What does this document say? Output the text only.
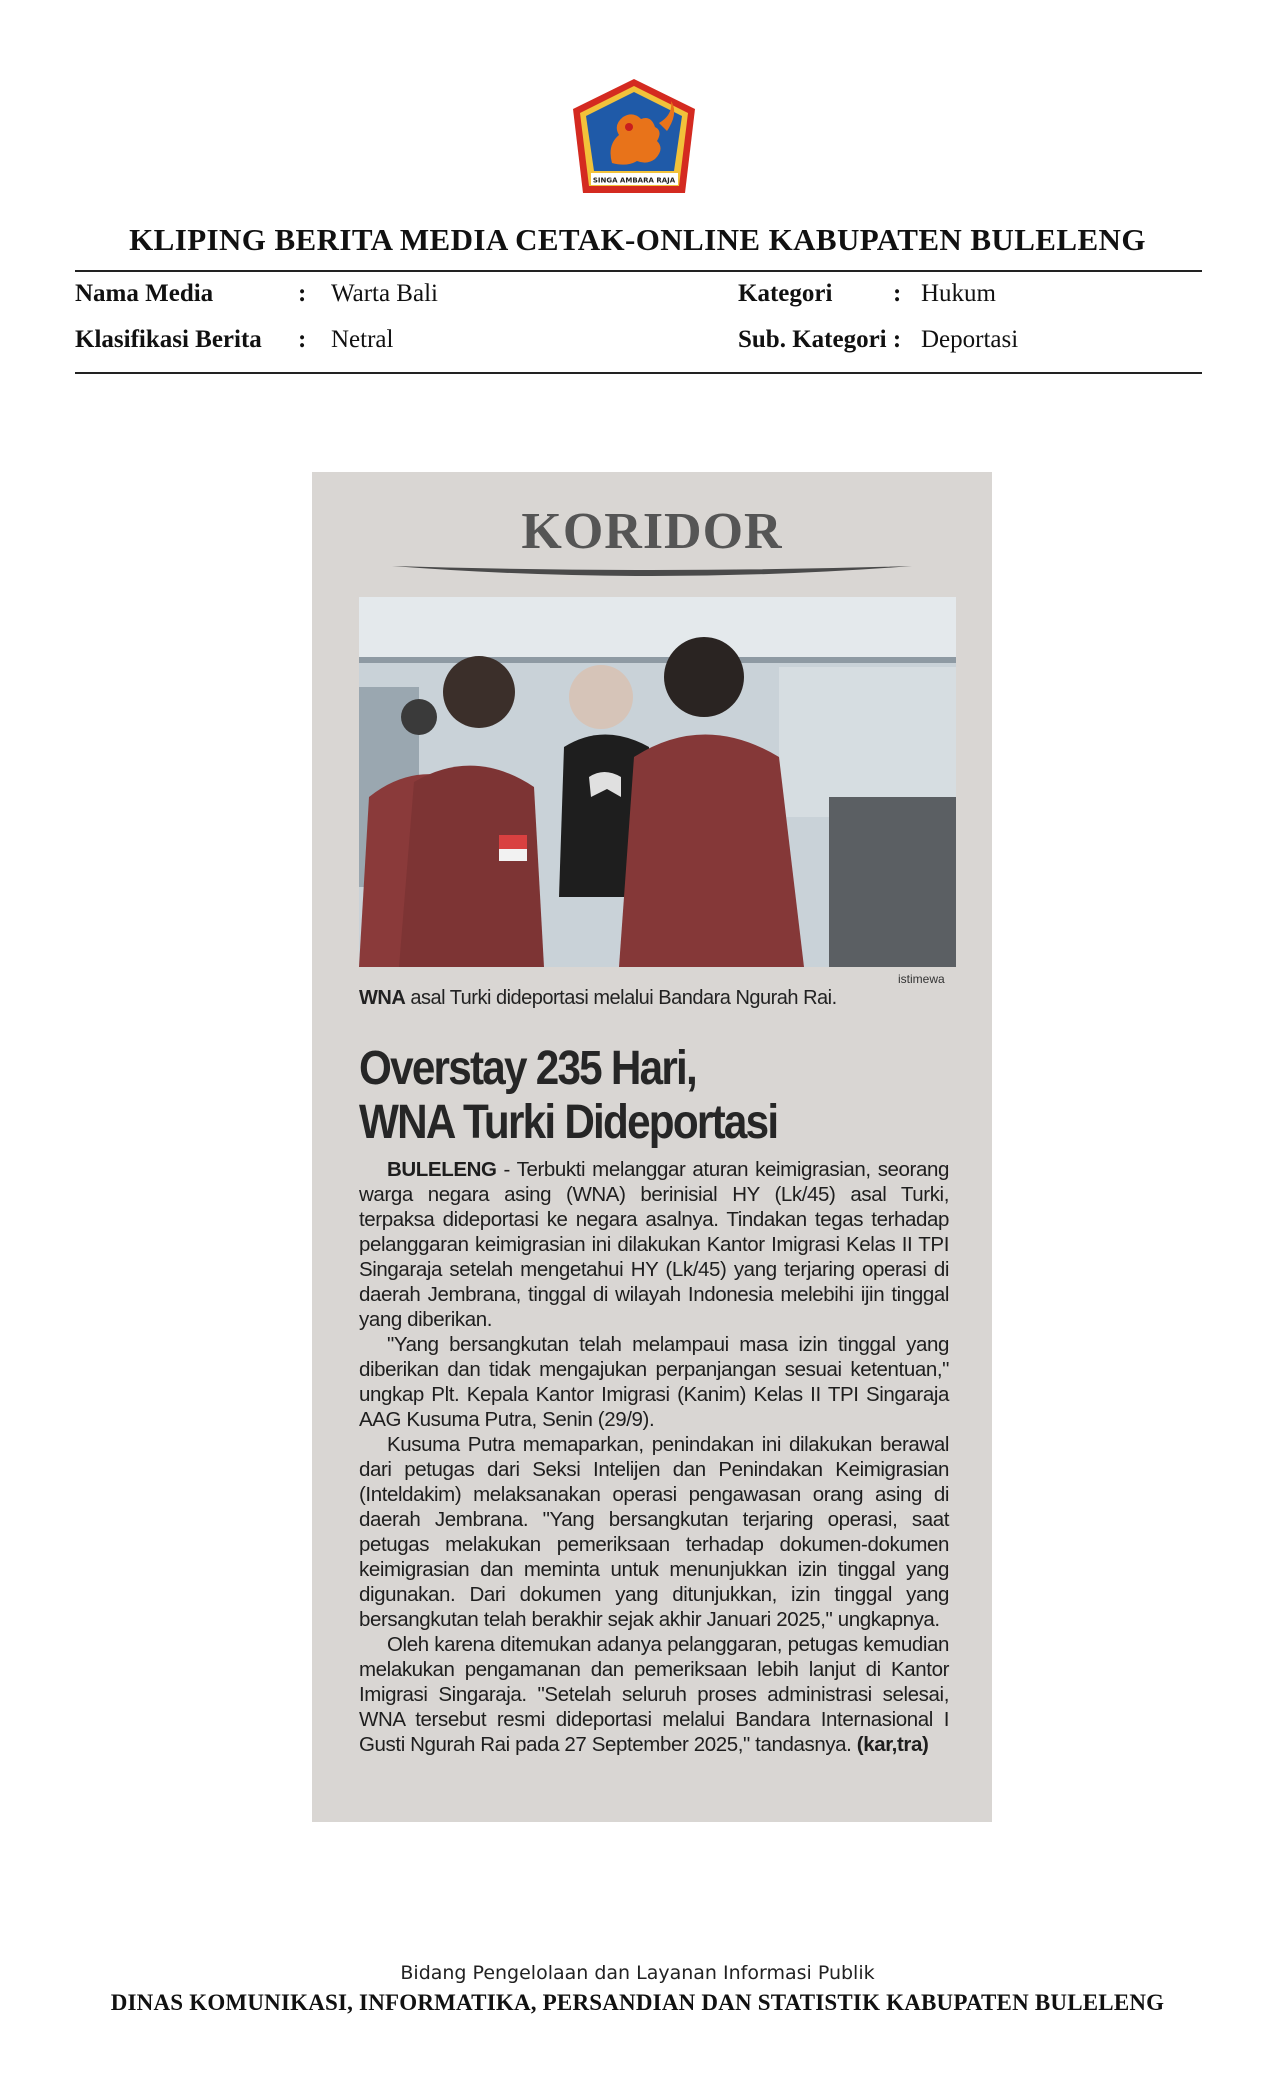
SINGA AMBARA RAJA
KLIPING BERITA MEDIA CETAK-ONLINE KABUPATEN BULELENG
Nama Media	: Warta Bali	Kategori : Hukum
Klasifikasi Berita : Netral	Sub. Kategori : Deportasi
KORIDOR
istimewa
WNA asal Turki dideportasi melalui Bandara Ngurah Rai.
Overstay 235 Hari,
WNA Turki Dideportasi

BULELENG - Terbukti melanggar aturan keimigrasian, seorang warga negara asing (WNA) berinisial HY (Lk/45) asal Turki, terpaksa dideportasi ke negara asalnya. Tindakan tegas terhadap pelanggaran keimigrasian ini dilakukan Kantor Imigrasi Kelas II TPI Singaraja setelah mengetahui HY (Lk/45) yang terjaring operasi di daerah Jembrana, tinggal di wilayah Indonesia melebihi ijin tinggal yang diberikan.

"Yang bersangkutan telah melampaui masa izin tinggal yang diberikan dan tidak mengajukan perpanjangan sesuai ketentuan," ungkap Plt. Kepala Kantor Imigrasi (Kanim) Kelas II TPI Singaraja AAG Kusuma Putra, Senin (29/9).

Kusuma Putra memaparkan, penindakan ini dilakukan berawal dari petugas dari Seksi Intelijen dan Penindakan Keimigrasian (Inteldakim) melaksanakan operasi pengawasan orang asing di daerah Jembrana. "Yang bersangkutan terjaring operasi, saat petugas melakukan pemeriksaan terhadap dokumen-dokumen keimigrasian dan meminta untuk menunjukkan izin tinggal yang digunakan. Dari dokumen yang ditunjukkan, izin tinggal yang bersangkutan telah berakhir sejak akhir Januari 2025," ungkapnya.

Oleh karena ditemukan adanya pelanggaran, petugas kemudian melakukan pengamanan dan pemeriksaan lebih lanjut di Kantor Imigrasi Singaraja. "Setelah seluruh proses administrasi selesai, WNA tersebut resmi dideportasi melalui Bandara Internasional I Gusti Ngurah Rai pada 27 September 2025," tandasnya. (kar,tra)

Bidang Pengelolaan dan Layanan Informasi Publik
DINAS KOMUNIKASI, INFORMATIKA, PERSANDIAN DAN STATISTIK KABUPATEN BULELENG
